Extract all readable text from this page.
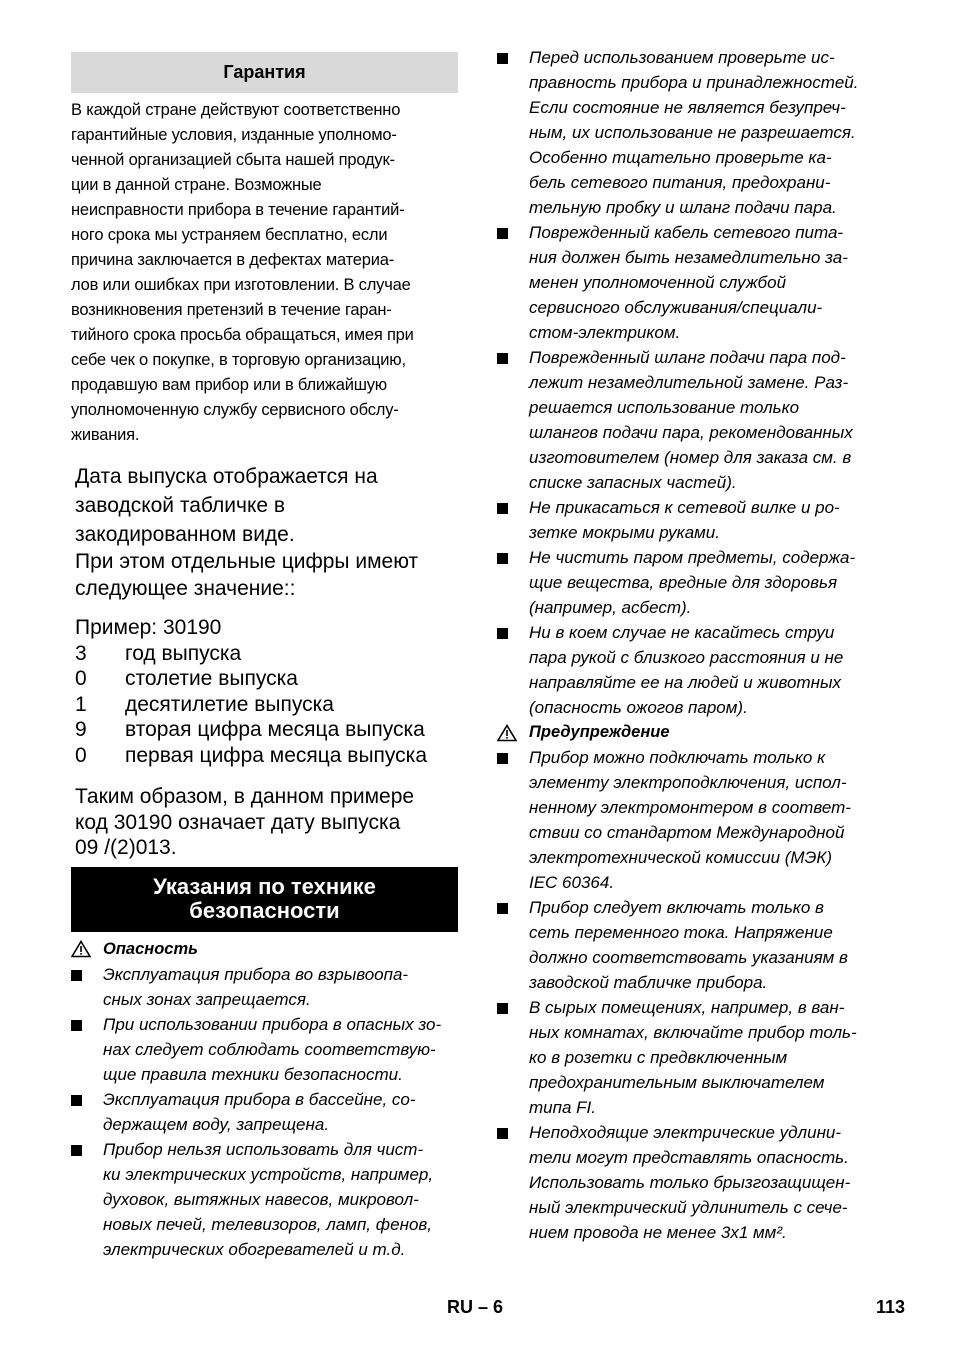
Гарантия
В каждой стране действуют соответственно
гарантийные условия, изданные уполномо-
ченной организацией сбыта нашей продук-
ции в данной стране. Возможные
неисправности прибора в течение гарантий-
ного срока мы устраняем бесплатно, если
причина заключается в дефектах материа-
лов или ошибках при изготовлении. В случае
возникновения претензий в течение гаран-
тийного срока просьба обращаться, имея при
себе чек о покупке, в торговую организацию,
продавшую вам прибор или в ближайшую
уполномоченную службу сервисного обслу-
живания.
Дата выпуска отображается на
заводской табличке в
закодированном виде.
При этом отдельные цифры имеют
следующее значение::
Пример: 30190
3	год выпуска
0	столетие выпуска
1	десятилетие выпуска
9	вторая цифра месяца выпуска
0	первая цифра месяца выпуска
Таким образом, в данном примере
код 30190 означает дату выпуска
09 /(2)013.
Указания по технике
безопасности
Опасность
Эксплуатация прибора во взрывоопа-
сных зонах запрещается.
При использовании прибора в опасных зо-
нах следует соблюдать соответствую-
щие правила техники безопасности.
Эксплуатация прибора в бассейне, со-
держащем воду, запрещена.
Прибор нельзя использовать для чист-
ки электрических устройств, например,
духовок, вытяжных навесов, микровол-
новых печей, телевизоров, ламп, фенов,
электрических обогревателей и т.д.
Перед использованием проверьте ис-
правность прибора и принадлежностей.
Если состояние не является безупреч-
ным, их использование не разрешается.
Особенно тщательно проверьте ка-
бель сетевого питания, предохрани-
тельную пробку и шланг подачи пара.
Поврежденный кабель сетевого пита-
ния должен быть незамедлительно за-
менен уполномоченной службой
сервисного обслуживания/специали-
стом-электриком.
Поврежденный шланг подачи пара под-
лежит незамедлительной замене. Раз-
решается использование только
шлангов подачи пара, рекомендованных
изготовителем (номер для заказа см. в
списке запасных частей).
Не прикасаться к сетевой вилке и ро-
зетке мокрыми руками.
Не чистить паром предметы, содержа-
щие вещества, вредные для здоровья
(например, асбест).
Ни в коем случае не касайтесь струи
пара рукой с близкого расстояния и не
направляйте ее на людей и животных
(опасность ожогов паром).
Предупреждение
Прибор можно подключать только к
элементу электроподключения, испол-
ненному электромонтером в соответ-
ствии со стандартом Международной
электротехнической комиссии (МЭК)
IEC 60364.
Прибор следует включать только в
сеть переменного тока. Напряжение
должно соответствовать указаниям в
заводской табличке прибора.
В сырых помещениях, например, в ван-
ных комнатах, включайте прибор толь-
ко в розетки с предвключенным
предохранительным выключателем
типа FI.
Неподходящие электрические удлини-
тели могут представлять опасность.
Использовать только брызгозащищен-
ный электрический удлинитель с сече-
нием провода не менее 3x1 мм².
RU – 6	113
